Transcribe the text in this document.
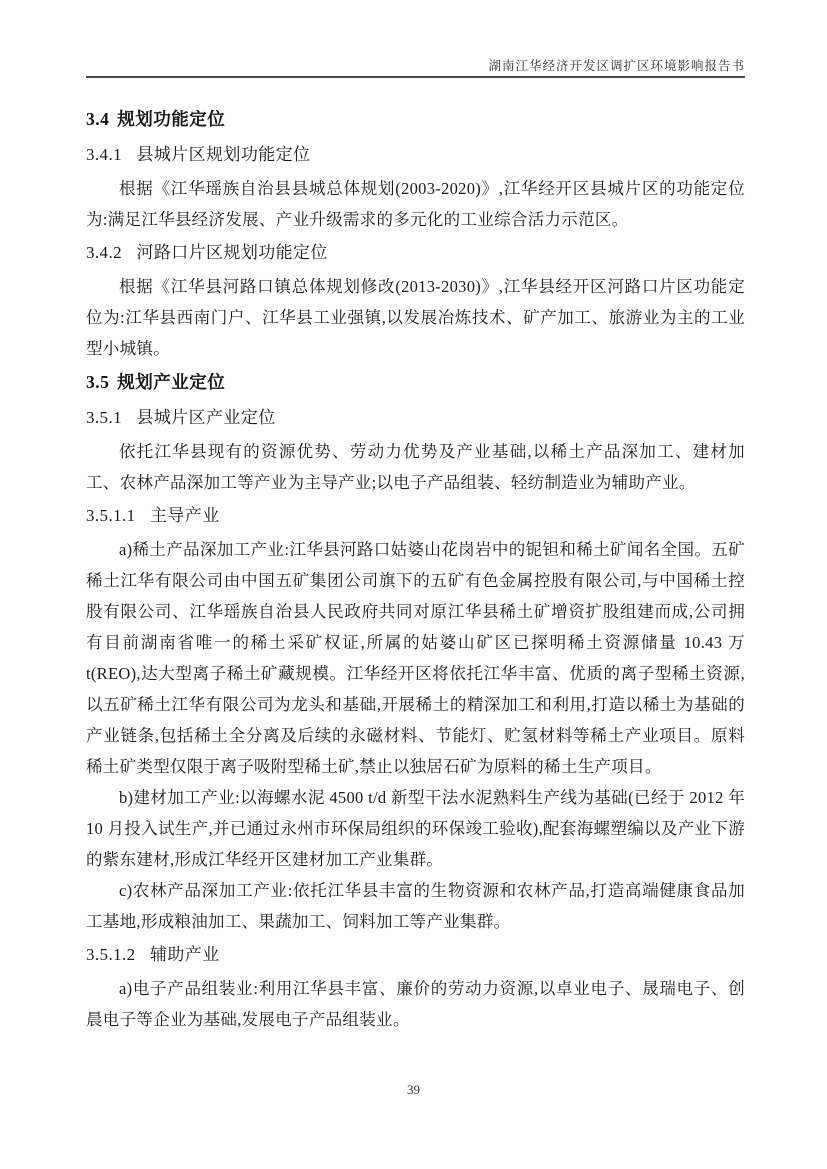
湖南江华经济开发区调扩区环境影响报告书
3.4 规划功能定位
3.4.1 县城片区规划功能定位

根据《江华瑶族自治县县城总体规划(2003-2020)》,江华经开区县城片区的功能定位为:满足江华县经济发展、产业升级需求的多元化的工业综合活力示范区。

3.4.2 河路口片区规划功能定位

根据《江华县河路口镇总体规划修改(2013-2030)》,江华县经开区河路口片区功能定位为:江华县西南门户、江华县工业强镇,以发展冶炼技术、矿产加工、旅游业为主的工业型小城镇。

3.5 规划产业定位
3.5.1 县城片区产业定位

依托江华县现有的资源优势、劳动力优势及产业基础,以稀土产品深加工、建材加工、农林产品深加工等产业为主导产业;以电子产品组装、轻纺制造业为辅助产业。

3.5.1.1 主导产业

a)稀土产品深加工产业:江华县河路口姑婆山花岗岩中的铌钽和稀土矿闻名全国。五矿稀土江华有限公司由中国五矿集团公司旗下的五矿有色金属控股有限公司,与中国稀土控股有限公司、江华瑶族自治县人民政府共同对原江华县稀土矿增资扩股组建而成,公司拥有目前湖南省唯一的稀土采矿权证,所属的姑婆山矿区已探明稀土资源储量 10.43 万 t(REO),达大型离子稀土矿藏规模。江华经开区将依托江华丰富、优质的离子型稀土资源,以五矿稀土江华有限公司为龙头和基础,开展稀土的精深加工和利用,打造以稀土为基础的产业链条,包括稀土全分离及后续的永磁材料、节能灯、贮氢材料等稀土产业项目。原料稀土矿类型仅限于离子吸附型稀土矿,禁止以独居石矿为原料的稀土生产项目。

b)建材加工产业:以海螺水泥 4500 t/d 新型干法水泥熟料生产线为基础(已经于 2012 年 10 月投入试生产,并已通过永州市环保局组织的环保竣工验收),配套海螺塑编以及产业下游的紫东建材,形成江华经开区建材加工产业集群。

c)农林产品深加工产业:依托江华县丰富的生物资源和农林产品,打造高端健康食品加工基地,形成粮油加工、果蔬加工、饲料加工等产业集群。

3.5.1.2 辅助产业

a)电子产品组装业:利用江华县丰富、廉价的劳动力资源,以卓业电子、晟瑞电子、创晨电子等企业为基础,发展电子产品组装业。

39
